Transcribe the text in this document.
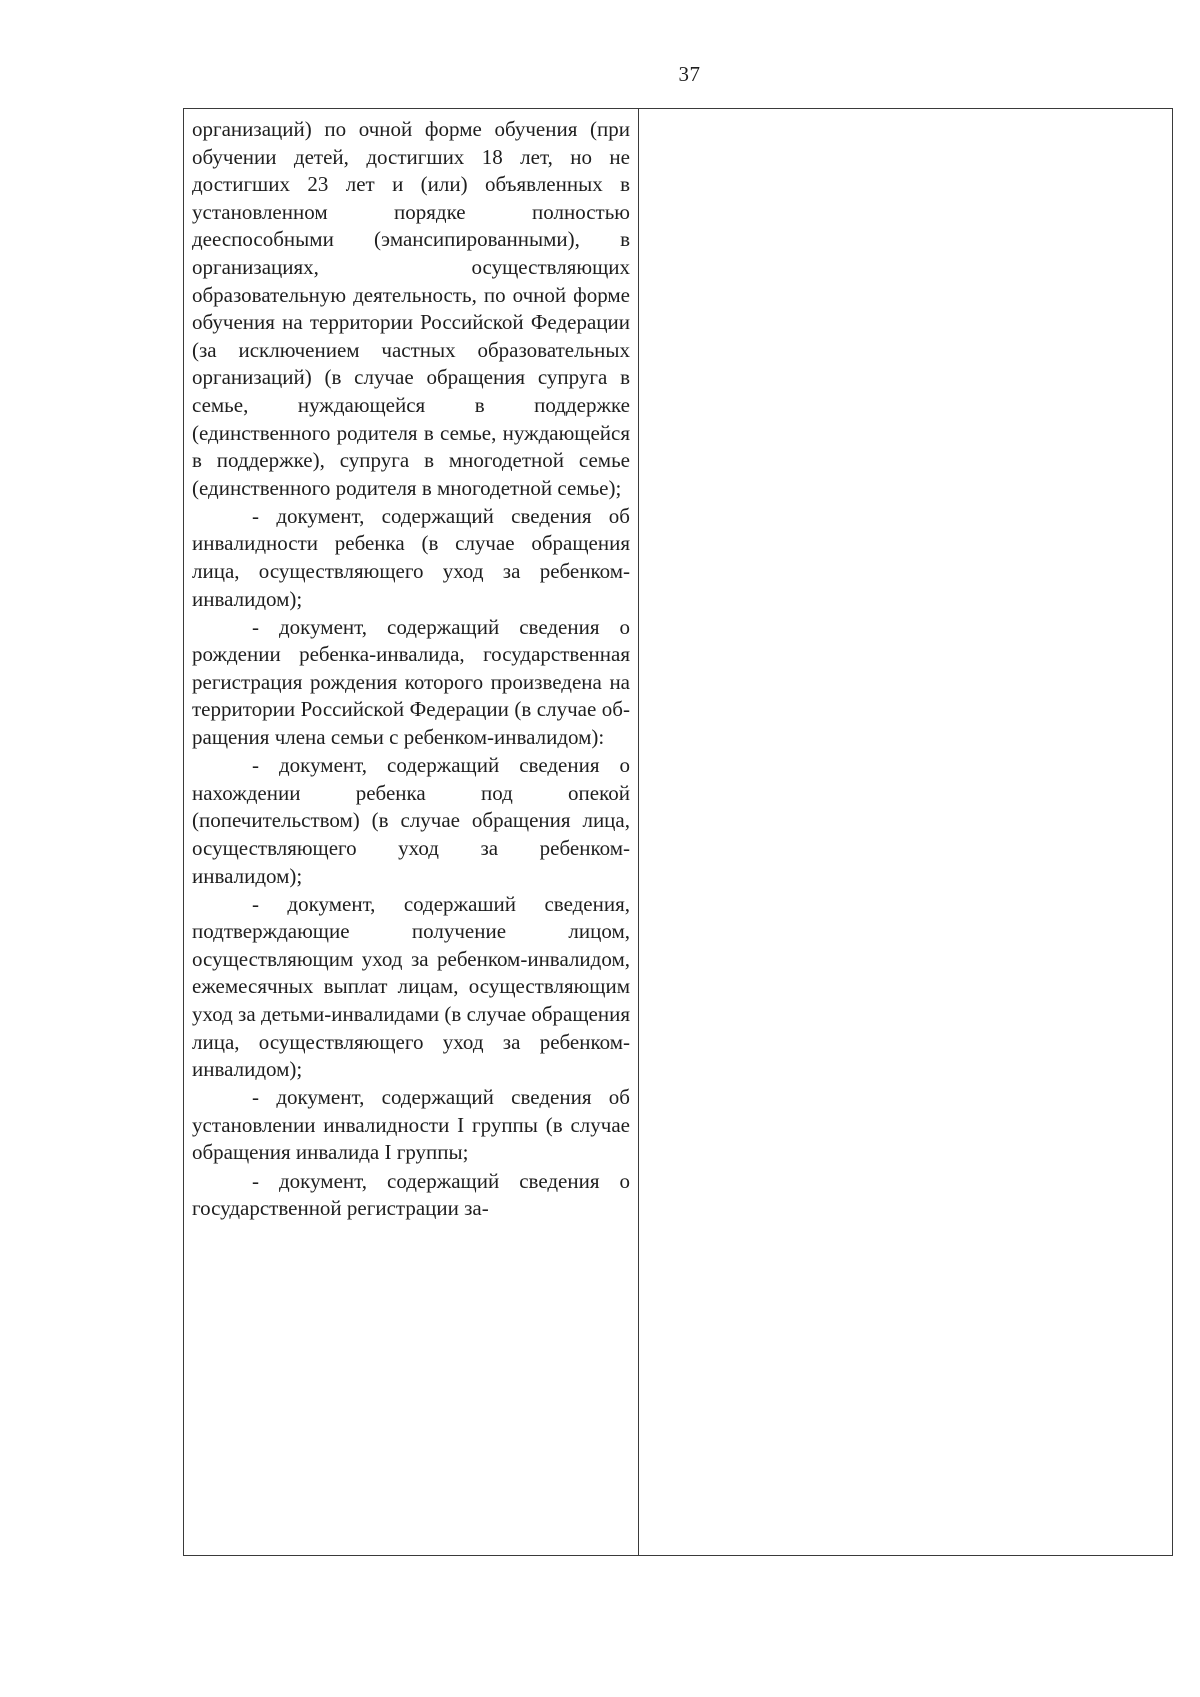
37

организаций) по очной форме обучения (при обучении детей, достигших 18 лет, но не достигших 23 лет и (или) объявленных в установленном порядке полностью дееспособными (эмансипированными), в организациях, осуществляющих образовательную деятельность, по очной форме обучения на территории Российской Федерации (за исключением частных образовательных организаций) (в случае обращения супруга в семье, нуждающейся в поддержке (единственного родителя в семье, нуждающейся в поддержке), супруга в многодетной семье (единственного родителя в многодетной семье);

- документ, содержащий сведения об инвалидности ребенка (в случае обращения лица, осуществляющего уход за ребенком-инвалидом);

- документ, содержащий сведения о рождении ребенка-инвалида, государственная регистрация рождения которого произведена на территории Российской Федерации (в случае обращения члена семьи с ребенком-инвалидом):

- документ, содержащий сведения о нахождении ребенка под опекой (попечительством) (в случае обращения лица, осуществляющего уход за ребенком-инвалидом);

- документ, содержаший сведения, подтверждающие получение лицом, осуществляющим уход за ребенком-инвалидом, ежемесячных выплат лицам, осуществляющим уход за детьми-инвалидами (в случае обращения лица, осуществляющего уход за ребенком-инвалидом);

- документ, содержащий сведения об установлении инвалидности I группы (в случае обращения инвалида I группы;

- документ, содержащий сведения о государственной регистрации за-
